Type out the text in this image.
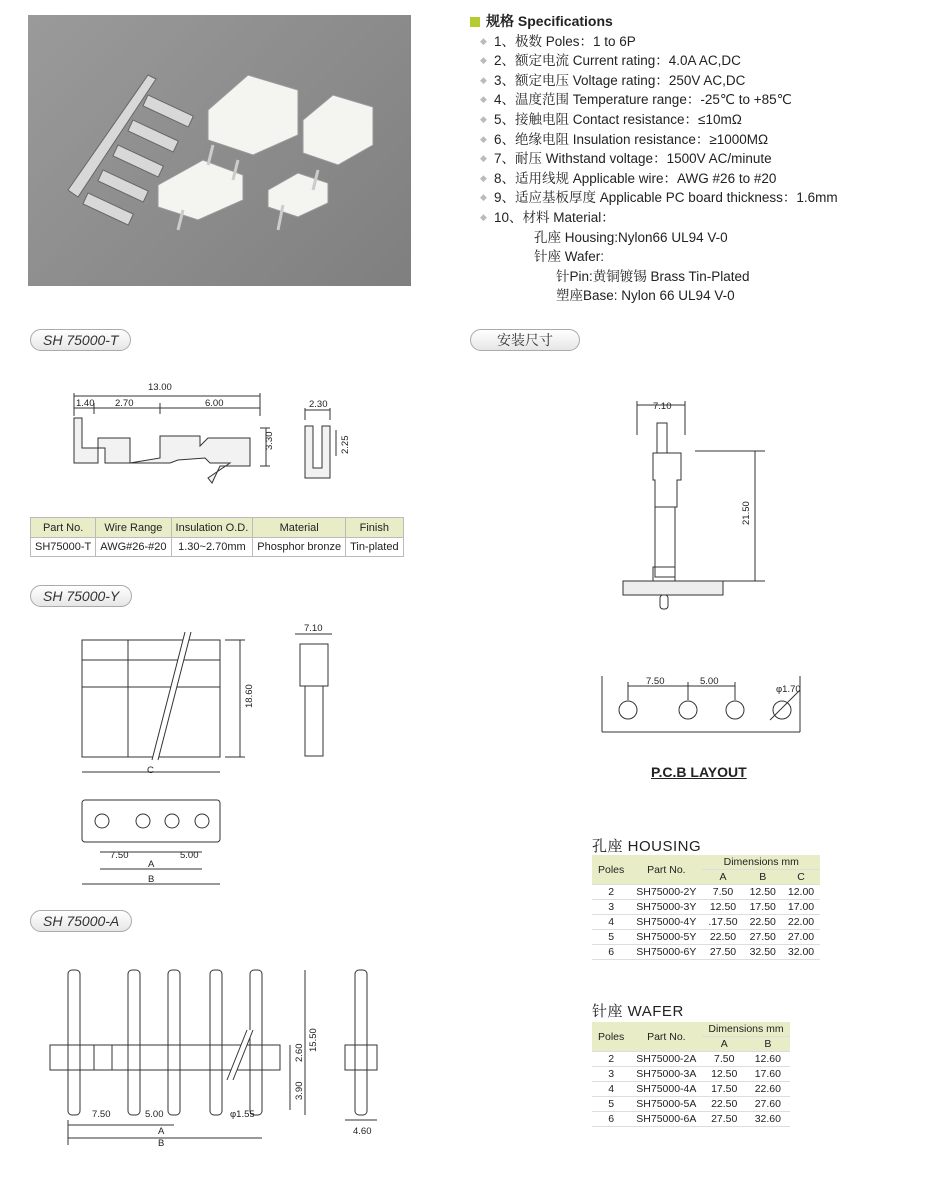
规格 Specifications
◆ 1、极数 Poles：1 to 6P
◆ 2、额定电流 Current rating：4.0A AC,DC
◆ 3、额定电压 Voltage rating：250V AC,DC
◆ 4、温度范围 Temperature range：-25℃ to +85℃
◆ 5、接触电阻 Contact resistance：≤10mΩ
◆ 6、绝缘电阻 Insulation resistance：≥1000MΩ
◆ 7、耐压 Withstand voltage：1500V AC/minute
◆ 8、适用线规 Applicable wire：AWG #26 to #20
◆ 9、适应基板厚度 Applicable PC board thickness：1.6mm
◆ 10、材料 Material：
孔座 Housing:Nylon66 UL94 V-0
针座 Wafer:
针Pin:黄铜镀锡 Brass Tin-Plated
塑座Base: Nylon 66 UL94 V-0
SH 75000-T	安装尺寸
SH 75000-Y
SH 75000-A
13.00
1.40 2.70	6.00
3.30
2.30
2.25
Part No.	Wire Range	Insulation O.D.	Material	Finish
SH75000-T	AWG#26-#20	1.30~2.70mm	Phosphor bronze	Tin-plated
C
18.60
7.10
7.50	5.00
A
B
15.50
2.60
3.90
7.50	5.00	φ1.55
A
B
4.60
7.10
21.50
7.50	5.00
φ1.70
P.C.B LAYOUT
孔座 HOUSING
Poles	Part No.	Dimensions mm		
		A	B	C
2	SH75000-2Y	7.50	12.50	12.00
3	SH75000-3Y	12.50	17.50	17.00
4	SH75000-4Y	.17.50	22.50	22.00
5	SH75000-5Y	22.50	27.50	27.00
6	SH75000-6Y	27.50	32.50	32.00
针座 WAFER
Poles	Part No.	Dimensions mm	
		A	B
2	SH75000-2A	7.50	12.60
3	SH75000-3A	12.50	17.60
4	SH75000-4A	17.50	22.60
5	SH75000-5A	22.50	27.60
6	SH75000-6A	27.50	32.60
